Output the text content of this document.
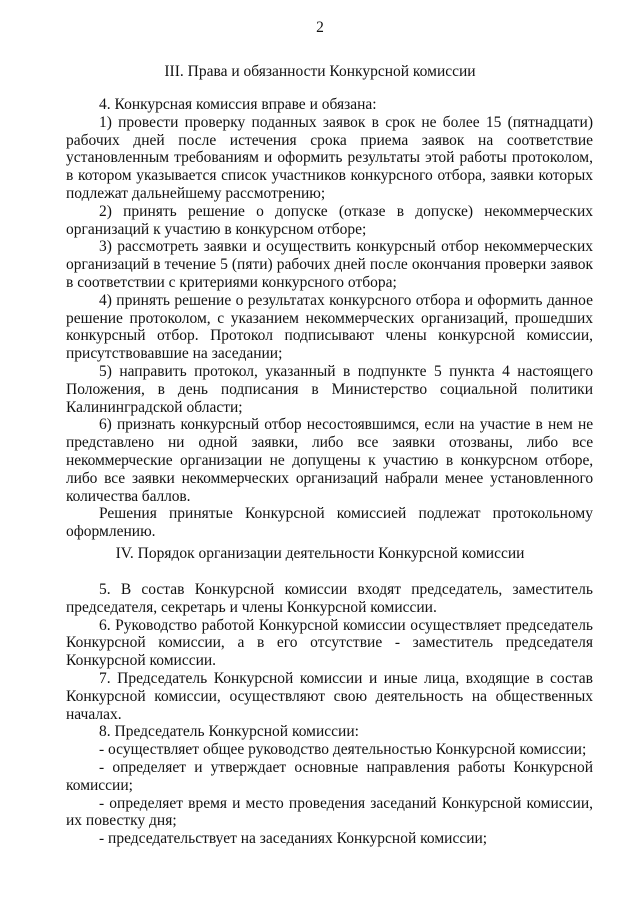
2
III. Права и обязанности Конкурсной комиссии

4. Конкурсная комиссия вправе и обязана:

1) провести проверку поданных заявок в срок не более 15 (пятнадцати) рабочих дней после истечения срока приема заявок на соответствие установленным требованиям и оформить результаты этой работы протоколом, в котором указывается список участников конкурсного отбора, заявки которых подлежат дальнейшему рассмотрению;

2) принять решение о допуске (отказе в допуске) некоммерческих организаций к участию в конкурсном отборе;

3) рассмотреть заявки и осуществить конкурсный отбор некоммерческих организаций в течение 5 (пяти) рабочих дней после окончания проверки заявок в соответствии с критериями конкурсного отбора;

4) принять решение о результатах конкурсного отбора и оформить данное решение протоколом, с указанием некоммерческих организаций, прошедших конкурсный отбор. Протокол подписывают члены конкурсной комиссии, присутствовавшие на заседании;

5) направить протокол, указанный в подпункте 5 пункта 4 настоящего Положения, в день подписания в Министерство социальной политики Калининградской области;

6) признать конкурсный отбор несостоявшимся, если на участие в нем не представлено ни одной заявки, либо все заявки отозваны, либо все некоммерческие организации не допущены к участию в конкурсном отборе, либо все заявки некоммерческих организаций набрали менее установленного количества баллов.

Решения принятые Конкурсной комиссией подлежат протокольному оформлению.

IV. Порядок организации деятельности Конкурсной комиссии

5. В состав Конкурсной комиссии входят председатель, заместитель председателя, секретарь и члены Конкурсной комиссии.

6. Руководство работой Конкурсной комиссии осуществляет председатель Конкурсной комиссии, а в его отсутствие - заместитель председателя Конкурсной комиссии.

7. Председатель Конкурсной комиссии и иные лица, входящие в состав Конкурсной комиссии, осуществляют свою деятельность на общественных началах.

8. Председатель Конкурсной комиссии:

- осуществляет общее руководство деятельностью Конкурсной комиссии;

- определяет и утверждает основные направления работы Конкурсной комиссии;

- определяет время и место проведения заседаний Конкурсной комиссии, их повестку дня;

- председательствует на заседаниях Конкурсной комиссии;
